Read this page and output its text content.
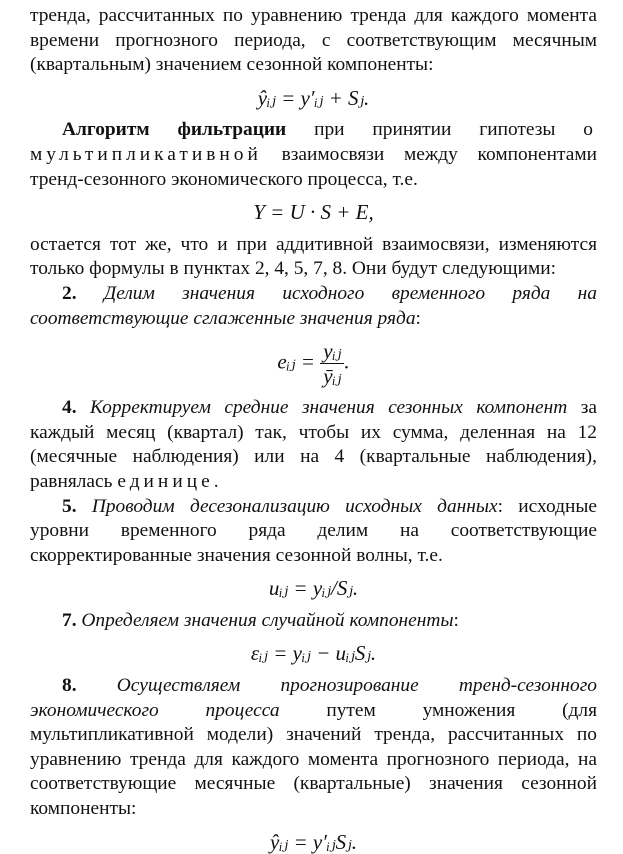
тренда, рассчитанных по уравнению тренда для каждого момента времени прогнозного периода, с соответствующим месячным (квартальным) значением сезонной компоненты:

ŷᵢⱼ = y′ᵢⱼ + Sⱼ.

Алгоритм фильтрации при принятии гипотезы о мультипликативной взаимосвязи между компонентами тренд-сезонного экономического процесса, т.е.

Y = U · S + E,

остается тот же, что и при аддитивной взаимосвязи, изменяются только формулы в пунктах 2, 4, 5, 7, 8. Они будут следующими:

2. Делим значения исходного временного ряда на соответствующие сглаженные значения ряда:

eᵢⱼ = $\frac{\text{yᵢⱼ}}{\text{ȳᵢⱼ}}$ .

4. Корректируем средние значения сезонных компонент за каждый месяц (квартал) так, чтобы их сумма, деленная на 12 (месячные наблюдения) или на 4 (квартальные наблюдения), равнялась единице.

5. Проводим десезонализацию исходных данных: исходные уровни временного ряда делим на соответствующие скорректированные значения сезонной волны, т.е.

uᵢⱼ = yᵢⱼ/Sⱼ.

7. Определяем значения случайной компоненты:

εᵢⱼ = yᵢⱼ − uᵢⱼSⱼ.

8. Осуществляем прогнозирование тренд-сезонного экономического процесса путем умножения (для мультипликативной модели) значений тренда, рассчитанных по уравнению тренда для каждого момента прогнозного периода, на соответствующие месячные (квартальные) значения сезонной компоненты:

ŷᵢⱼ = y′ᵢⱼSⱼ.
